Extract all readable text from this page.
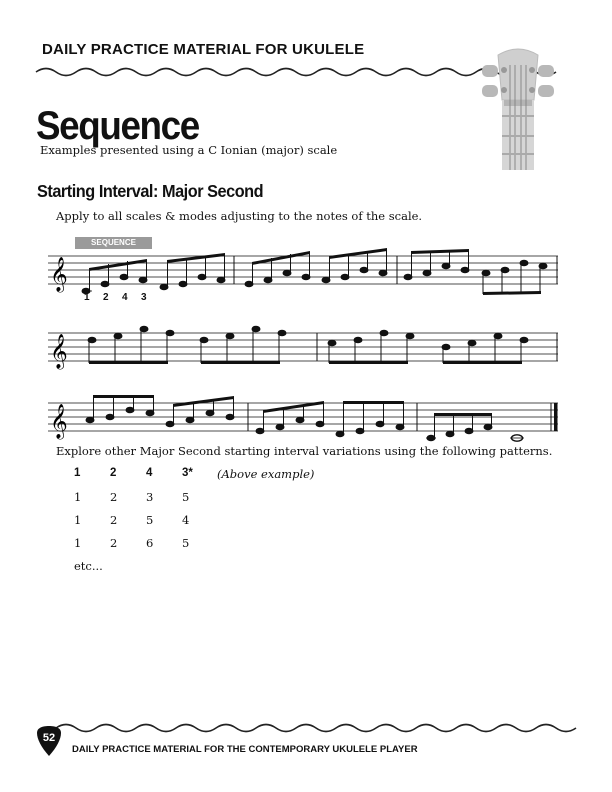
DAILY PRACTICE MATERIAL FOR UKULELE
Sequence
Examples presented using a C Ionian (major) scale
Starting Interval: Major Second
Apply to all scales & modes adjusting to the notes of the scale.
SEQUENCE
𝄞
1 2 4 3
𝄞
𝄞
Explore other Major Second starting interval variations using the following patterns.
1	2	4	3* (Above example)
1 2 3 5
1 2 5 4
1 2 6 5
etc...
52
DAILY PRACTICE MATERIAL FOR THE CONTEMPORARY UKULELE PLAYER
